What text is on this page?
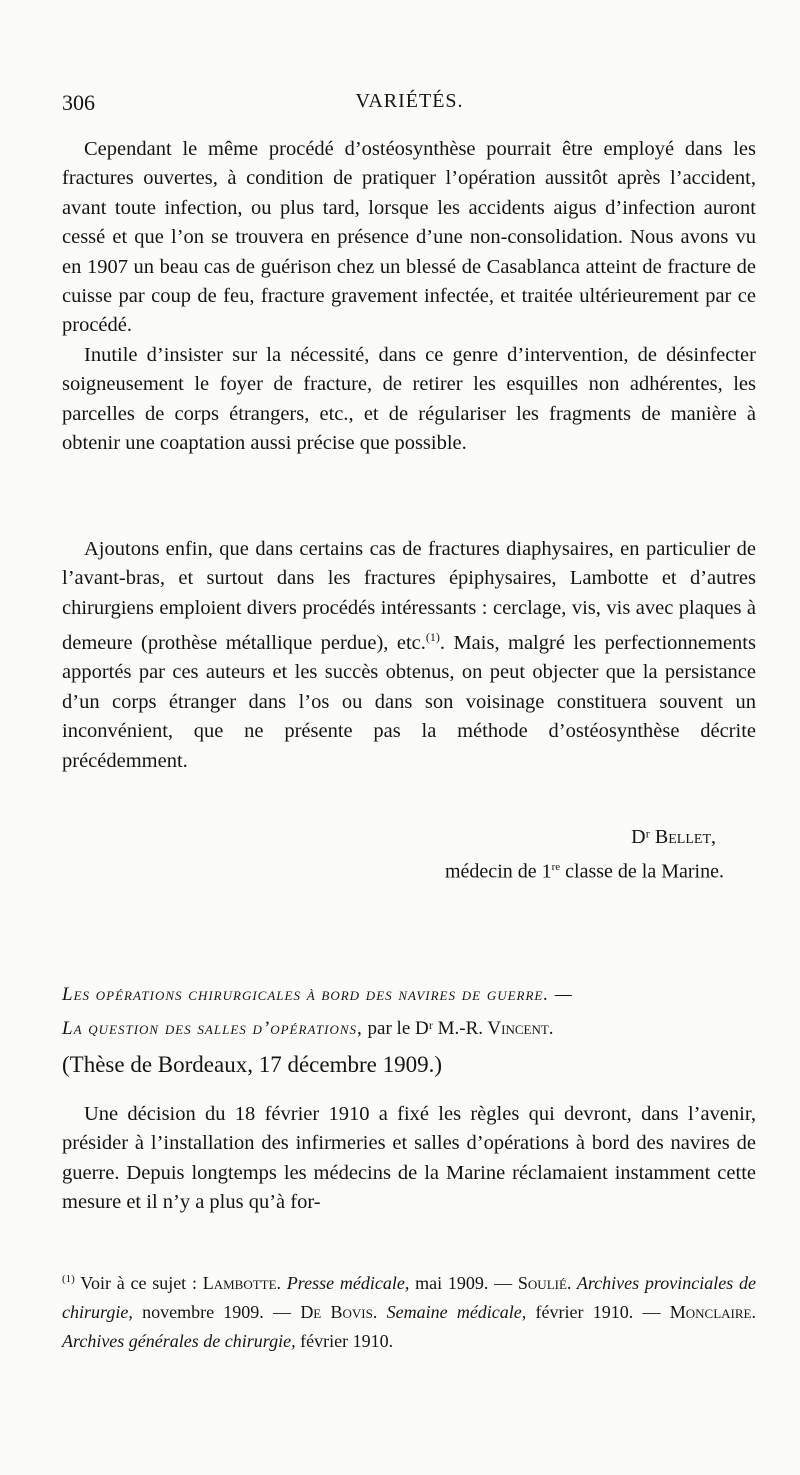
306	VARIÉTÉS.

Cependant le même procédé d’ostéosynthèse pourrait être employé dans les fractures ouvertes, à condition de pratiquer l’opération aussitôt après l’accident, avant toute infection, ou plus tard, lorsque les accidents aigus d’infection auront cessé et que l’on se trouvera en présence d’une non-consolidation. Nous avons vu en 1907 un beau cas de guérison chez un blessé de Casablanca atteint de fracture de cuisse par coup de feu, fracture gravement infectée, et traitée ultérieurement par ce procédé.

Inutile d’insister sur la nécessité, dans ce genre d’intervention, de désinfecter soigneusement le foyer de fracture, de retirer les esquilles non adhérentes, les parcelles de corps étrangers, etc., et de régulariser les fragments de manière à obtenir une coaptation aussi précise que possible.

Ajoutons enfin, que dans certains cas de fractures diaphysaires, en particulier de l’avant-bras, et surtout dans les fractures épiphysaires, Lambotte et d’autres chirurgiens emploient divers procédés intéressants : cerclage, vis, vis avec plaques à demeure (prothèse métallique perdue), etc.$^{(1)}$. Mais, malgré les perfectionnements apportés par ces auteurs et les succès obtenus, on peut objecter que la persistance d’un corps étranger dans l’os ou dans son voisinage constituera souvent un inconvénient, que ne présente pas la méthode d’ostéosynthèse décrite précédemment.

Dʳ Bellet,
médecin de 1re classe de la Marine.
Les opérations chirurgicales à bord des navires de guerre. —
La question des salles d’opérations, par le Dʳ M.-R. Vincent.
(Thèse de Bordeaux, 17 décembre 1909.)

Une décision du 18 février 1910 a fixé les règles qui devront, dans l’avenir, présider à l’installation des infirmeries et salles d’opérations à bord des navires de guerre. Depuis longtemps les médecins de la Marine réclamaient instamment cette mesure et il n’y a plus qu’à for-

$^{(1)}$ Voir à ce sujet : Lambotte. Presse médicale, mai 1909. — Soulié. Archives provinciales de chirurgie, novembre 1909. — De Bovis. Semaine médicale, février 1910. — Monclaire. Archives générales de chirurgie, février 1910.
